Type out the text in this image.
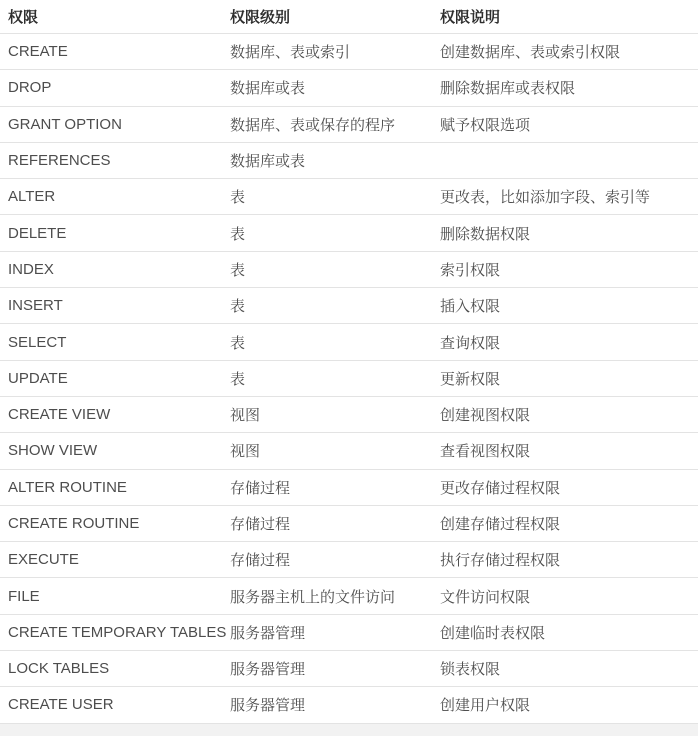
权限	权限级别	权限说明
CREATE	数据库、表或索引	创建数据库、表或索引权限
DROP	数据库或表	删除数据库或表权限
GRANT OPTION	数据库、表或保存的程序	赋予权限选项
REFERENCES	数据库或表	
ALTER	表	更改表，比如添加字段、索引等
DELETE	表	删除数据权限
INDEX	表	索引权限
INSERT	表	插入权限
SELECT	表	查询权限
UPDATE	表	更新权限
CREATE VIEW	视图	创建视图权限
SHOW VIEW	视图	查看视图权限
ALTER ROUTINE	存储过程	更改存储过程权限
CREATE ROUTINE	存储过程	创建存储过程权限
EXECUTE	存储过程	执行存储过程权限
FILE	服务器主机上的文件访问	文件访问权限
CREATE TEMPORARY TABLES	服务器管理	创建临时表权限
LOCK TABLES	服务器管理	锁表权限
CREATE USER	服务器管理	创建用户权限
